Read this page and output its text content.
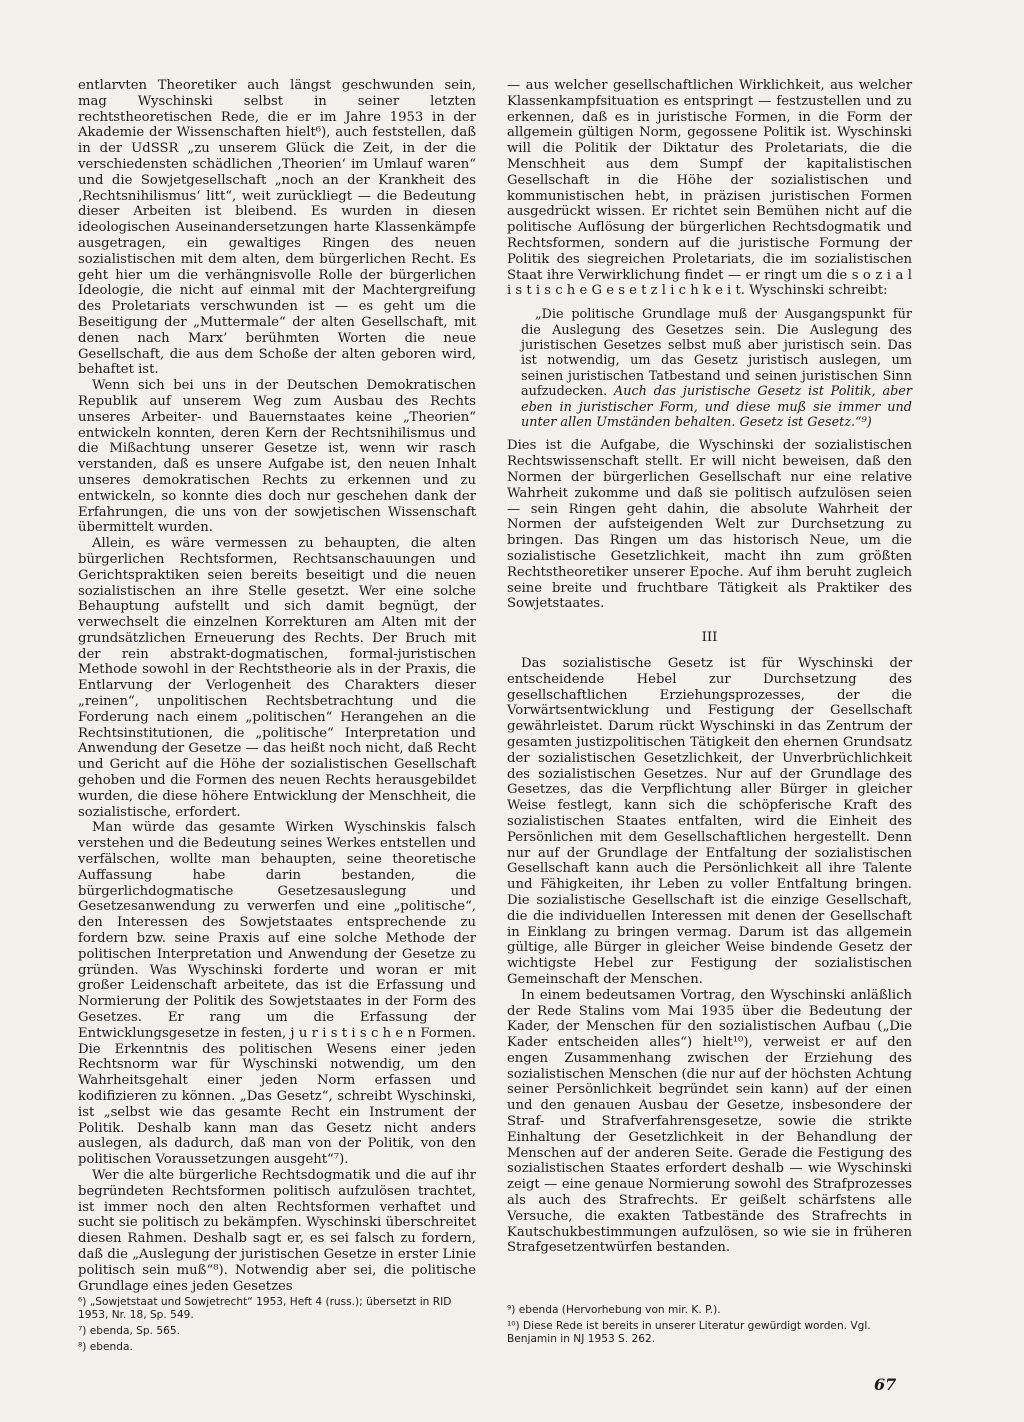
entlarvten Theoretiker auch längst geschwunden sein, mag Wyschinski selbst in seiner letzten rechtstheoretischen Rede, die er im Jahre 1953 in der Akademie der Wissenschaften hielt⁶), auch feststellen, daß in der UdSSR „zu unserem Glück die Zeit, in der die verschiedensten schädlichen ‚Theorien‘ im Umlauf waren“ und die Sowjetgesellschaft „noch an der Krankheit des ‚Rechtsnihilismus‘ litt“, weit zurückliegt — die Bedeutung dieser Arbeiten ist bleibend. Es wurden in diesen ideologischen Auseinandersetzungen harte Klassenkämpfe ausgetragen, ein gewaltiges Ringen des neuen sozialistischen mit dem alten, dem bürgerlichen Recht. Es geht hier um die verhängnisvolle Rolle der bürgerlichen Ideologie, die nicht auf einmal mit der Machtergreifung des Proletariats verschwunden ist — es geht um die Beseitigung der „Muttermale“ der alten Gesellschaft, mit denen nach Marx’ berühmten Worten die neue Gesellschaft, die aus dem Schoße der alten geboren wird, behaftet ist.

Wenn sich bei uns in der Deutschen Demokratischen Republik auf unserem Weg zum Ausbau des Rechts unseres Arbeiter- und Bauernstaates keine „Theorien“ entwickeln konnten, deren Kern der Rechtsnihilismus und die Mißachtung unserer Gesetze ist, wenn wir rasch verstanden, daß es unsere Aufgabe ist, den neuen Inhalt unseres demokratischen Rechts zu erkennen und zu entwickeln, so konnte dies doch nur geschehen dank der Erfahrungen, die uns von der sowjetischen Wissenschaft übermittelt wurden.

Allein, es wäre vermessen zu behaupten, die alten bürgerlichen Rechtsformen, Rechtsanschauungen und Gerichtspraktiken seien bereits beseitigt und die neuen sozialistischen an ihre Stelle gesetzt. Wer eine solche Behauptung aufstellt und sich damit begnügt, der verwechselt die einzelnen Korrekturen am Alten mit der grundsätzlichen Erneuerung des Rechts. Der Bruch mit der rein abstrakt-dogmatischen, formal-juristischen Methode sowohl in der Rechtstheorie als in der Praxis, die Entlarvung der Verlogenheit des Charakters dieser „reinen“, unpolitischen Rechtsbetrachtung und die Forderung nach einem „politischen“ Herangehen an die Rechtsinstitutionen, die „politische“ Interpretation und Anwendung der Gesetze — das heißt noch nicht, daß Recht und Gericht auf die Höhe der sozialistischen Gesellschaft gehoben und die Formen des neuen Rechts herausgebildet wurden, die diese höhere Entwicklung der Menschheit, die sozialistische, erfordert.

Man würde das gesamte Wirken Wyschinskis falsch verstehen und die Bedeutung seines Werkes entstellen und verfälschen, wollte man behaupten, seine theoretische Auffassung habe darin bestanden, die bürgerlichdogmatische Gesetzesauslegung und Gesetzesanwendung zu verwerfen und eine „politische“, den Interessen des Sowjetstaates entsprechende zu fordern bzw. seine Praxis auf eine solche Methode der politischen Interpretation und Anwendung der Gesetze zu gründen. Was Wyschinski forderte und woran er mit großer Leidenschaft arbeitete, das ist die Erfassung und Normierung der Politik des Sowjetstaates in der Form des Gesetzes. Er rang um die Erfassung der Entwicklungsgesetze in festen, j u r i s t i s c h e n Formen. Die Erkenntnis des politischen Wesens einer jeden Rechtsnorm war für Wyschinski notwendig, um den Wahrheitsgehalt einer jeden Norm erfassen und kodifizieren zu können. „Das Gesetz“, schreibt Wyschinski, ist „selbst wie das gesamte Recht ein Instrument der Politik. Deshalb kann man das Gesetz nicht anders auslegen, als dadurch, daß man von der Politik, von den politischen Voraussetzungen ausgeht“⁷).

Wer die alte bürgerliche Rechtsdogmatik und die auf ihr begründeten Rechtsformen politisch aufzulösen trachtet, ist immer noch den alten Rechtsformen verhaftet und sucht sie politisch zu bekämpfen. Wyschinski überschreitet diesen Rahmen. Deshalb sagt er, es sei falsch zu fordern, daß die „Auslegung der juristischen Gesetze in erster Linie politisch sein muß“⁸). Notwendig aber sei, die politische Grundlage eines jeden Gesetzes

— aus welcher gesellschaftlichen Wirklichkeit, aus welcher Klassenkampfsituation es entspringt — festzustellen und zu erkennen, daß es in juristische Formen, in die Form der allgemein gültigen Norm, gegossene Politik ist. Wyschinski will die Politik der Diktatur des Proletariats, die die Menschheit aus dem Sumpf der kapitalistischen Gesellschaft in die Höhe der sozialistischen und kommunistischen hebt, in präzisen juristischen Formen ausgedrückt wissen. Er richtet sein Bemühen nicht auf die politische Auflösung der bürgerlichen Rechtsdogmatik und Rechtsformen, sondern auf die juristische Formung der Politik des siegreichen Proletariats, die im sozialistischen Staat ihre Verwirklichung findet — er ringt um die s o z i a l i s t i s c h e G e s e t z l i c h k e i t. Wyschinski schreibt:

„Die politische Grundlage muß der Ausgangspunkt für die Auslegung des Gesetzes sein. Die Auslegung des juristischen Gesetzes selbst muß aber juristisch sein. Das ist notwendig, um das Gesetz juristisch auslegen, um seinen juristischen Tatbestand und seinen juristischen Sinn aufzudecken. Auch das juristische Gesetz ist Politik, aber eben in juristischer Form, und diese muß sie immer und unter allen Umständen behalten. Gesetz ist Gesetz.“⁹)

Dies ist die Aufgabe, die Wyschinski der sozialistischen Rechtswissenschaft stellt. Er will nicht beweisen, daß den Normen der bürgerlichen Gesellschaft nur eine relative Wahrheit zukomme und daß sie politisch aufzulösen seien — sein Ringen geht dahin, die absolute Wahrheit der Normen der aufsteigenden Welt zur Durchsetzung zu bringen. Das Ringen um das historisch Neue, um die sozialistische Gesetzlichkeit, macht ihn zum größten Rechtstheoretiker unserer Epoche. Auf ihm beruht zugleich seine breite und fruchtbare Tätigkeit als Praktiker des Sowjetstaates.

III

Das sozialistische Gesetz ist für Wyschinski der entscheidende Hebel zur Durchsetzung des gesellschaftlichen Erziehungsprozesses, der die Vorwärtsentwicklung und Festigung der Gesellschaft gewährleistet. Darum rückt Wyschinski in das Zentrum der gesamten justizpolitischen Tätigkeit den ehernen Grundsatz der sozialistischen Gesetzlichkeit, der Unverbrüchlichkeit des sozialistischen Gesetzes. Nur auf der Grundlage des Gesetzes, das die Verpflichtung aller Bürger in gleicher Weise festlegt, kann sich die schöpferische Kraft des sozialistischen Staates entfalten, wird die Einheit des Persönlichen mit dem Gesellschaftlichen hergestellt. Denn nur auf der Grundlage der Entfaltung der sozialistischen Gesellschaft kann auch die Persönlichkeit all ihre Talente und Fähigkeiten, ihr Leben zu voller Entfaltung bringen. Die sozialistische Gesellschaft ist die einzige Gesellschaft, die die individuellen Interessen mit denen der Gesellschaft in Einklang zu bringen vermag. Darum ist das allgemein gültige, alle Bürger in gleicher Weise bindende Gesetz der wichtigste Hebel zur Festigung der sozialistischen Gemeinschaft der Menschen.

In einem bedeutsamen Vortrag, den Wyschinski anläßlich der Rede Stalins vom Mai 1935 über die Bedeutung der Kader, der Menschen für den sozialistischen Aufbau („Die Kader entscheiden alles“) hielt¹⁰), verweist er auf den engen Zusammenhang zwischen der Erziehung des sozialistischen Menschen (die nur auf der höchsten Achtung seiner Persönlichkeit begründet sein kann) auf der einen und den genauen Ausbau der Gesetze, insbesondere der Straf- und Strafverfahrensgesetze, sowie die strikte Einhaltung der Gesetzlichkeit in der Behandlung der Menschen auf der anderen Seite. Gerade die Festigung des sozialistischen Staates erfordert deshalb — wie Wyschinski zeigt — eine genaue Normierung sowohl des Strafprozesses als auch des Strafrechts. Er geißelt schärfstens alle Versuche, die exakten Tatbestände des Strafrechts in Kautschukbestimmungen aufzulösen, so wie sie in früheren Strafgesetzentwürfen bestanden.

⁶) „Sowjetstaat und Sowjetrecht“ 1953, Heft 4 (russ.); übersetzt in RID 1953, Nr. 18, Sp. 549.

⁷) ebenda, Sp. 565.

⁸) ebenda.

⁹) ebenda (Hervorhebung von mir. K. P.).

¹⁰) Diese Rede ist bereits in unserer Literatur gewürdigt worden. Vgl. Benjamin in NJ 1953 S. 262.

67
